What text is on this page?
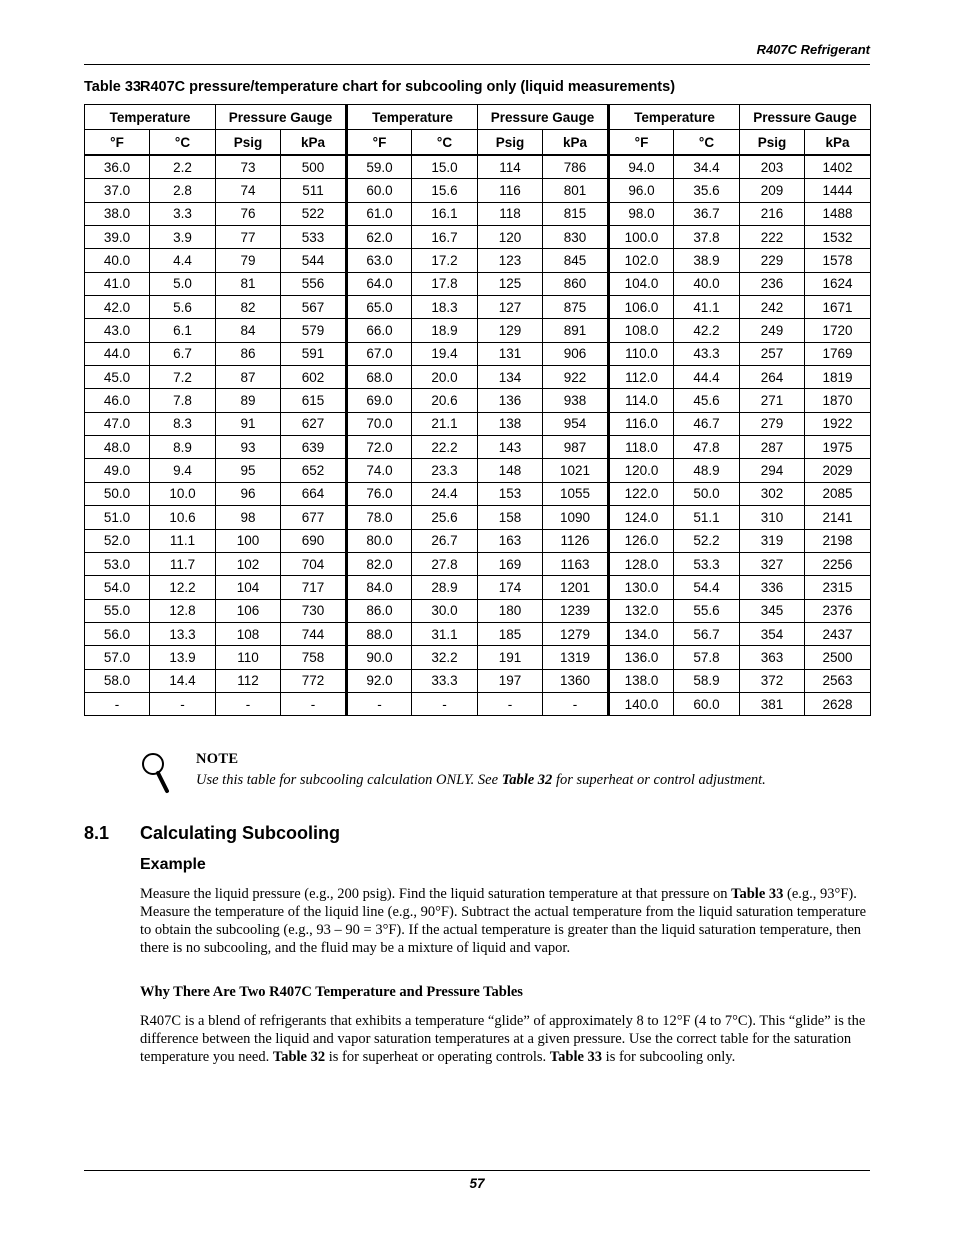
R407C Refrigerant
Table 33R407C pressure/temperature chart for subcooling only (liquid measurements)
Temperature		Pressure Gauge		Temperature		Pressure Gauge		Temperature		Pressure Gauge	
°F	°C	Psig	kPa	°F	°C	Psig	kPa	°F	°C	Psig	kPa
36.0	2.2	73	500	59.0	15.0	114	786	94.0	34.4	203	1402
37.0	2.8	74	511	60.0	15.6	116	801	96.0	35.6	209	1444
38.0	3.3	76	522	61.0	16.1	118	815	98.0	36.7	216	1488
39.0	3.9	77	533	62.0	16.7	120	830	100.0	37.8	222	1532
40.0	4.4	79	544	63.0	17.2	123	845	102.0	38.9	229	1578
41.0	5.0	81	556	64.0	17.8	125	860	104.0	40.0	236	1624
42.0	5.6	82	567	65.0	18.3	127	875	106.0	41.1	242	1671
43.0	6.1	84	579	66.0	18.9	129	891	108.0	42.2	249	1720
44.0	6.7	86	591	67.0	19.4	131	906	110.0	43.3	257	1769
45.0	7.2	87	602	68.0	20.0	134	922	112.0	44.4	264	1819
46.0	7.8	89	615	69.0	20.6	136	938	114.0	45.6	271	1870
47.0	8.3	91	627	70.0	21.1	138	954	116.0	46.7	279	1922
48.0	8.9	93	639	72.0	22.2	143	987	118.0	47.8	287	1975
49.0	9.4	95	652	74.0	23.3	148	1021	120.0	48.9	294	2029
50.0	10.0	96	664	76.0	24.4	153	1055	122.0	50.0	302	2085
51.0	10.6	98	677	78.0	25.6	158	1090	124.0	51.1	310	2141
52.0	11.1	100	690	80.0	26.7	163	1126	126.0	52.2	319	2198
53.0	11.7	102	704	82.0	27.8	169	1163	128.0	53.3	327	2256
54.0	12.2	104	717	84.0	28.9	174	1201	130.0	54.4	336	2315
55.0	12.8	106	730	86.0	30.0	180	1239	132.0	55.6	345	2376
56.0	13.3	108	744	88.0	31.1	185	1279	134.0	56.7	354	2437
57.0	13.9	110	758	90.0	32.2	191	1319	136.0	57.8	363	2500
58.0	14.4	112	772	92.0	33.3	197	1360	138.0	58.9	372	2563
-	-	-	-	-	-	-	-	140.0	60.0	381	2628
NOTE
Use this table for subcooling calculation ONLY. See Table 32 for superheat or control adjustment.
8.1 Calculating Subcooling
Example

Measure the liquid pressure (e.g., 200 psig). Find the liquid saturation temperature at that pressure on Table 33 (e.g., 93°F). Measure the temperature of the liquid line (e.g., 90°F). Subtract the actual temperature from the liquid saturation temperature to obtain the subcooling (e.g., 93 – 90 = 3°F). If the actual temperature is greater than the liquid saturation temperature, then there is no subcooling, and the fluid may be a mixture of liquid and vapor.

Why There Are Two R407C Temperature and Pressure Tables

R407C is a blend of refrigerants that exhibits a temperature “glide” of approximately 8 to 12°F (4 to 7°C). This “glide” is the difference between the liquid and vapor saturation temperatures at a given pressure. Use the correct table for the saturation temperature you need. Table 32 is for superheat or operating controls. Table 33 is for subcooling only.

57
